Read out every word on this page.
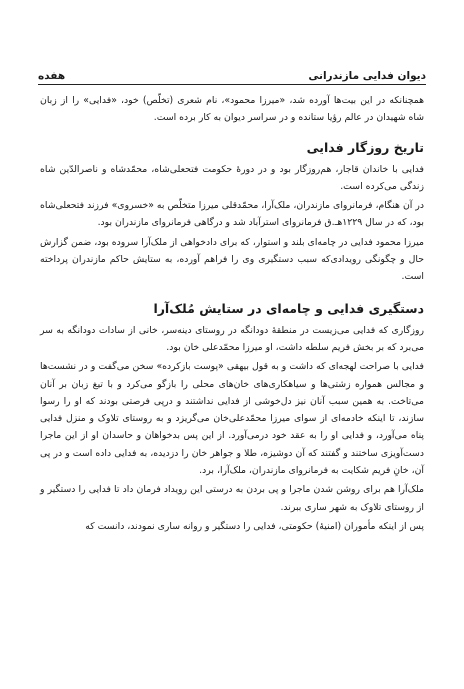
دیوان فدایی مازندرانی
هفده

همچنانکه در این بیت‌ها آورده شد، «میرزا محمود»، نام شعری (تخلّص) خود، «فدایی» را از زبان شاه شهیدان در عالم رؤیا ستانده و در سراسر دیوان به کار برده است.

تاریخ روزگار فدایی

فدایی با خاندان قاجار، هم‌روزگار بود و در دورهٔ حکومت فتحعلی‌شاه، محمّدشاه و ناصرالدّین شاه زندگی می‌کرده است.

در آن هنگام، فرمانروای مازندران، ملک‌آرا، محمّدقلی میرزا متخلّص به «خسروی» فرزند فتحعلی‌شاه بود، که در سال ۱۲۲۹هـ.ق فرمانروای استرآباد شد و درگاهی فرمانروای مازندران بود.

میرزا محمود فدایی در چامه‌ای بلند و استوار، که برای دادخواهی از ملک‌آرا سروده بود، ضمن گزارش حال و چگونگی رویدادی‌که سبب دستگیری وی را فراهم آورده، به ستایش حاکم مازندران پرداخته است.

دستگیری فدایی و چامه‌ای در ستایش مُلک‌آرا

روزگاری که فدایی می‌زیست در منطقهٔ دودانگه در روستای دینه‌سر، خانی از سادات دودانگه به سر می‌برد که بر بخش فریم سلطه داشت، او میرزا محمّدعلی خان بود.

فدایی با صراحت لهجه‌ای که داشت و به قول بیهقی «پوست بازکرده» سخن می‌گفت و در نشست‌ها و مجالس همواره زشتی‌ها و سیاهکاری‌های خان‌های محلی را بازگو می‌کرد و با تیغ زبان بر آنان می‌تاخت. به همین سبب آنان نیز دل‌خوشی از فدایی نداشتند و درپی فرصتی بودند که او را رسوا سازند، تا اینکه خادمه‌ای از سوای میرزا محمّدعلی‌خان می‌گریزد و به روستای تلاوک و منزل فدایی پناه می‌آورد، و فدایی او را به عقد خود درمی‌آورد. از این پس بدخواهان و حاسدان او از این ماجرا دست‌آویزی ساختند و گفتند که آن دوشیزه، طلا و جواهر خان را دزدیده، به فدایی داده است و در پی آن، خانِ فریم شکایت به فرمانروای مازندران، ملک‌آرا، برد.

ملک‌آرا هم برای روشن شدن ماجرا و پی بردن به درستی این رویداد فرمان داد تا فدایی را دستگیر و از روستای تلاوک به شهر ساری ببرند.

پس از اینکه مأموران (امنیهٔ) حکومتی، فدایی را دستگیر و روانه ساری نمودند، دانست که
